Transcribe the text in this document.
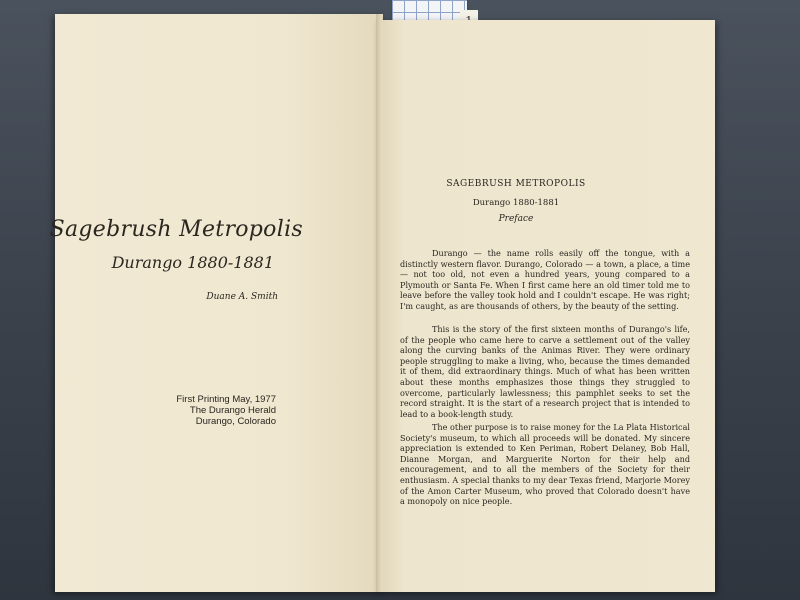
Sagebrush Metropolis
Durango 1880-1881
Duane A. Smith
First Printing May, 1977
The Durango Herald
Durango, Colorado
SAGEBRUSH METROPOLIS
Durango 1880-1881
Preface
Durango — the name rolls easily off the tongue, with a distinctly western flavor. Durango, Colorado — a town, a place, a time — not too old, not even a hundred years, young compared to a Plymouth or Santa Fe. When I first came here an old timer told me to leave before the valley took hold and I couldn't escape. He was right; I'm caught, as are thousands of others, by the beauty of the setting.
This is the story of the first sixteen months of Durango's life, of the people who came here to carve a settlement out of the valley along the curving banks of the Animas River. They were ordinary people struggling to make a living, who, because the times demanded it of them, did extraordinary things. Much of what has been written about these months emphasizes those things they struggled to overcome, particularly lawlessness; this pamphlet seeks to set the record straight. It is the start of a research project that is intended to lead to a book-length study.
The other purpose is to raise money for the La Plata Historical Society's museum, to which all proceeds will be donated. My sincere appreciation is extended to Ken Periman, Robert Delaney, Bob Hall, Dianne Morgan, and Marguerite Norton for their help and encouragement, and to all the members of the Society for their enthusiasm. A special thanks to my dear Texas friend, Marjorie Morey of the Amon Carter Museum, who proved that Colorado doesn't have a monopoly on nice people.
